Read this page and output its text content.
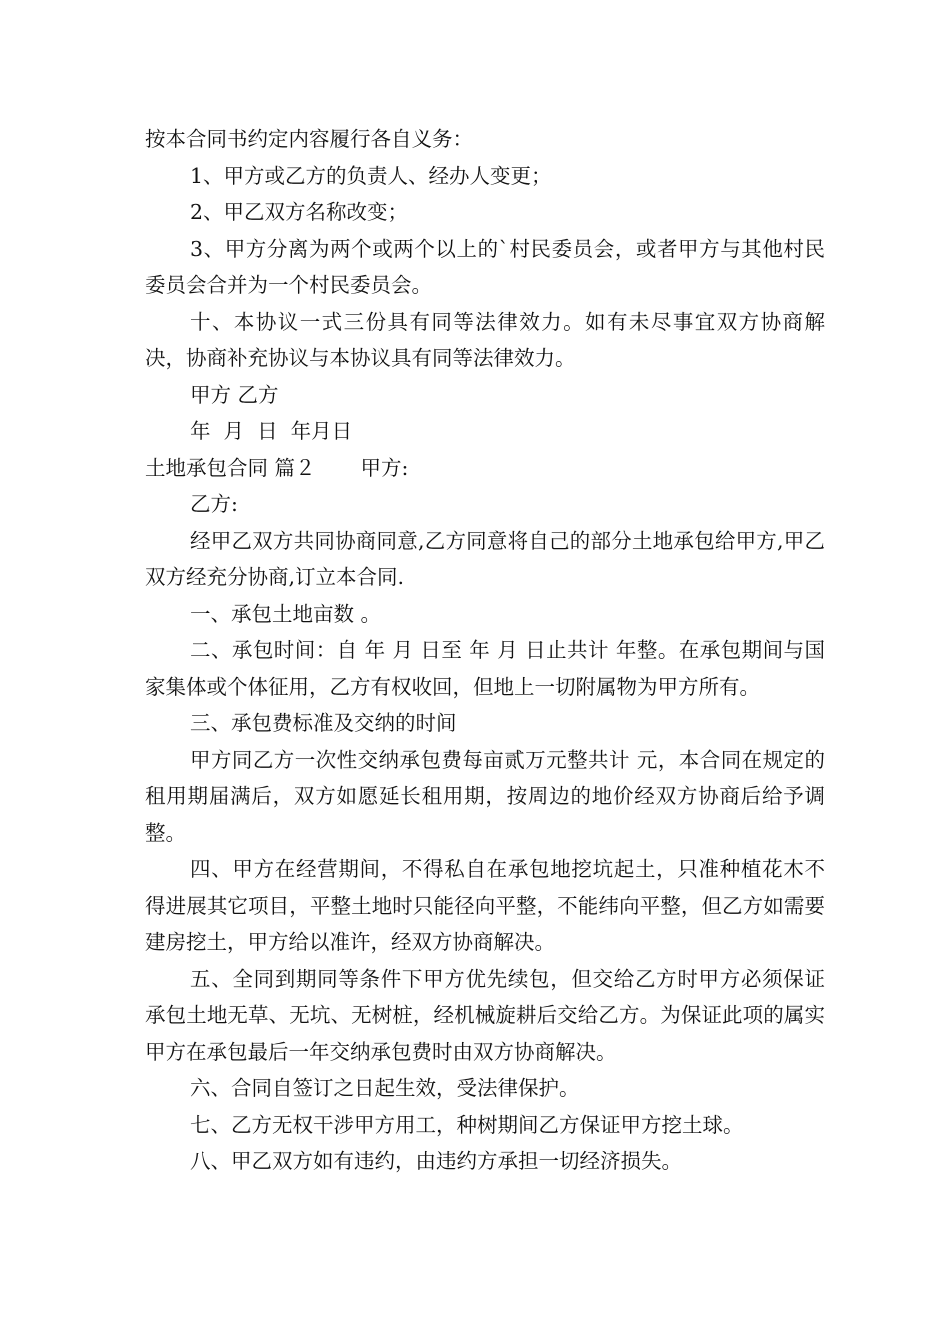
按本合同书约定内容履行各自义务：

1、甲方或乙方的负责人、经办人变更；

2、甲乙双方名称改变；

3、甲方分离为两个或两个以上的`村民委员会，或者甲方与其他村民委员会合并为一个村民委员会。

十、本协议一式三份具有同等法律效力。如有未尽事宜双方协商解决，协商补充协议与本协议具有同等法律效力。

甲方 乙方

年  月  日  年月日

土地承包合同 篇２ 甲方:

乙方:

经甲乙双方共同协商同意,乙方同意将自己的部分土地承包给甲方,甲乙双方经充分协商,订立本合同.

一、承包土地亩数 。

二、承包时间：自 年 月 日至 年 月 日止共计 年整。在承包期间与国家集体或个体征用，乙方有权收回，但地上一切附属物为甲方所有。

三、承包费标准及交纳的时间

甲方同乙方一次性交纳承包费每亩贰万元整共计 元，本合同在规定的租用期届满后，双方如愿延长租用期，按周边的地价经双方协商后给予调整。

四、甲方在经营期间，不得私自在承包地挖坑起土，只准种植花木不得进展其它项目，平整土地时只能径向平整，不能纬向平整，但乙方如需要建房挖土，甲方给以准许，经双方协商解决。

五、全同到期同等条件下甲方优先续包，但交给乙方时甲方必须保证承包土地无草、无坑、无树桩，经机械旋耕后交给乙方。为保证此项的属实甲方在承包最后一年交纳承包费时由双方协商解决。

六、合同自签订之日起生效，受法律保护。

七、乙方无权干涉甲方用工，种树期间乙方保证甲方挖土球。

八、甲乙双方如有违约，由违约方承担一切经济损失。
